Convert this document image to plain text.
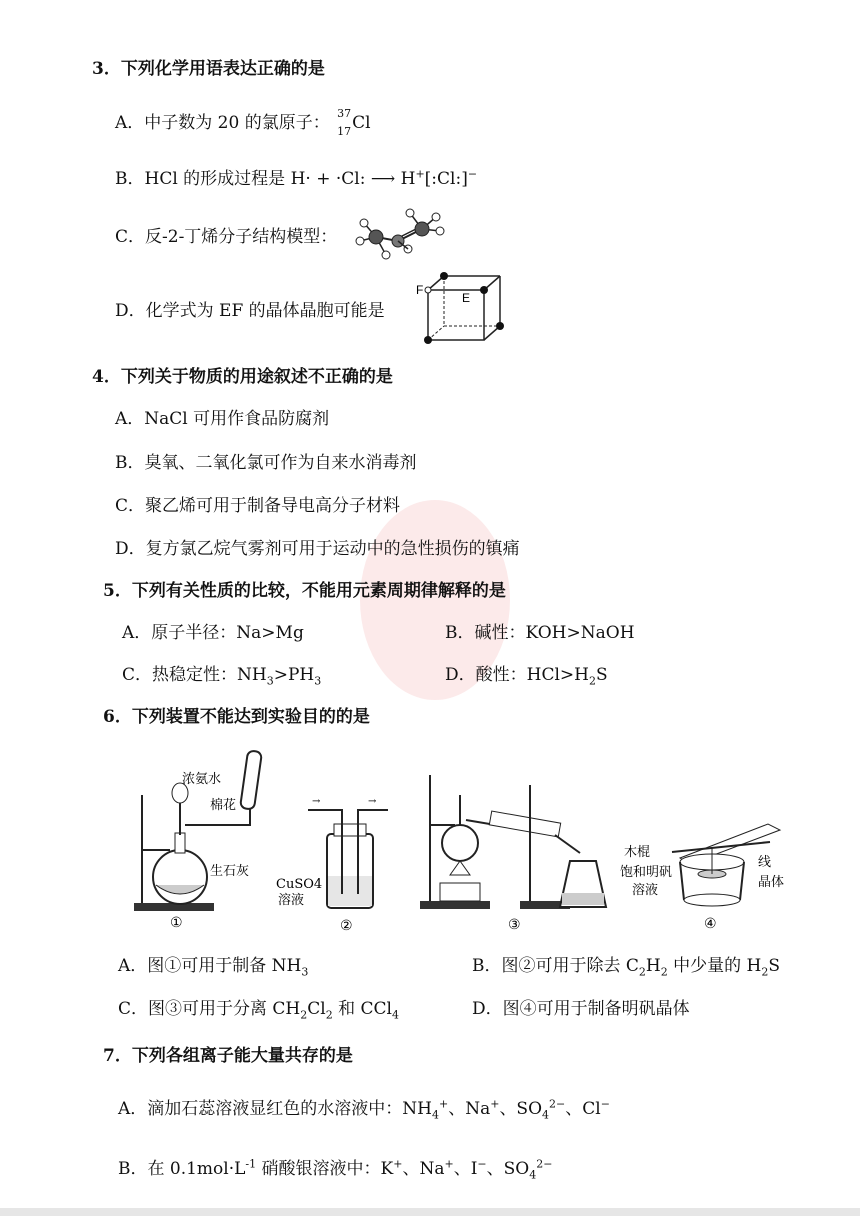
3．下列化学用语表达正确的是
A．中子数为 20 的氯原子： 37
17 Cl
B．HCl 的形成过程是 H· + ·Cl: ⟶ H+[:Cl:]−
C．反-2-丁烯分子结构模型：
D．化学式为 EF 的晶体晶胞可能是
F
E
4．下列关于物质的用途叙述不正确的是
A．NaCl 可用作食品防腐剂
B．臭氧、二氧化氯可作为自来水消毒剂
C．聚乙烯可用于制备导电高分子材料
D．复方氯乙烷气雾剂可用于运动中的急性损伤的镇痛
5．下列有关性质的比较，不能用元素周期律解释的是
A．原子半径：Na>Mg	B．碱性：KOH>NaOH
C．热稳定性：$NH_3>PH_3$	D．酸性：$HCl>H_2S$
6．下列装置不能达到实验目的的是
浓氨水
棉花
生石灰
①
→	→
CuSO4
溶液
②	③
木棍
饱和明矾
溶液
线
晶体
④
A．图①可用于制备 $NH_3$	B．图②可用于除去 $C_2H_2$ 中少量的 $H_2S$
C．图③可用于分离 $CH_2Cl_2$ 和 CCl$_4$	D．图④可用于制备明矾晶体
7．下列各组离子能大量共存的是
A．滴加石蕊溶液显红色的水溶液中：$NH_4^+$、Na+、$SO_4^{2-}$、Cl−
B．在 $0.1mol\cdot L^{-1}$ 硝酸银溶液中：K+、Na+、I−、$SO_4^{2-}$
